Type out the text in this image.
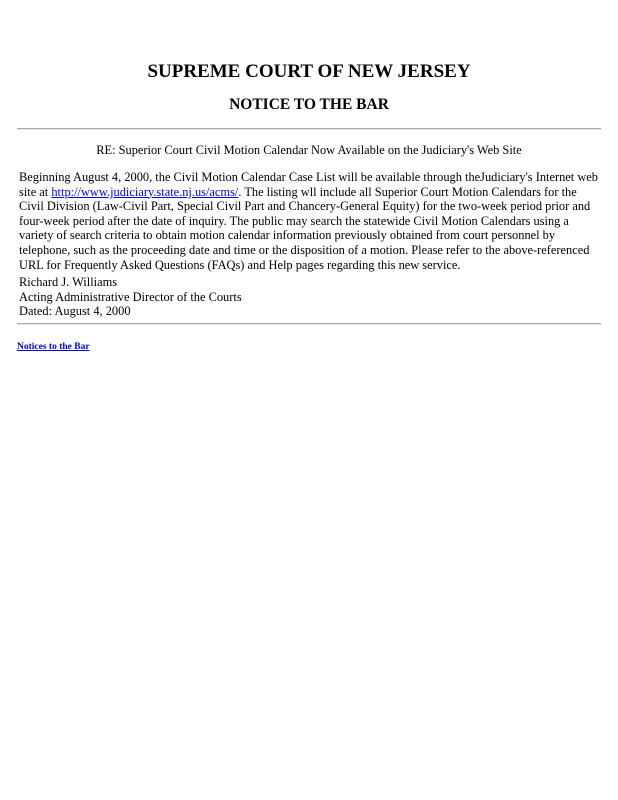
SUPREME COURT OF NEW JERSEY
NOTICE TO THE BAR

RE: Superior Court Civil Motion Calendar Now Available on the Judiciary's Web Site

Beginning August 4, 2000, the Civil Motion Calendar Case List will be available through theJudiciary's Internet web site at http://www.judiciary.state.nj.us/acms/. The listing wll include all Superior Court Motion Calendars for the Civil Division (Law-Civil Part, Special Civil Part and Chancery-General Equity) for the two-week period prior and four-week period after the date of inquiry. The public may search the statewide Civil Motion Calendars using a variety of search criteria to obtain motion calendar information previously obtained from court personnel by telephone, such as the proceeding date and time or the disposition of a motion. Please refer to the above-referenced URL for Frequently Asked Questions (FAQs) and Help pages regarding this new service.

Richard J. Williams
Acting Administrative Director of the Courts
Dated: August 4, 2000
Notices to the Bar
